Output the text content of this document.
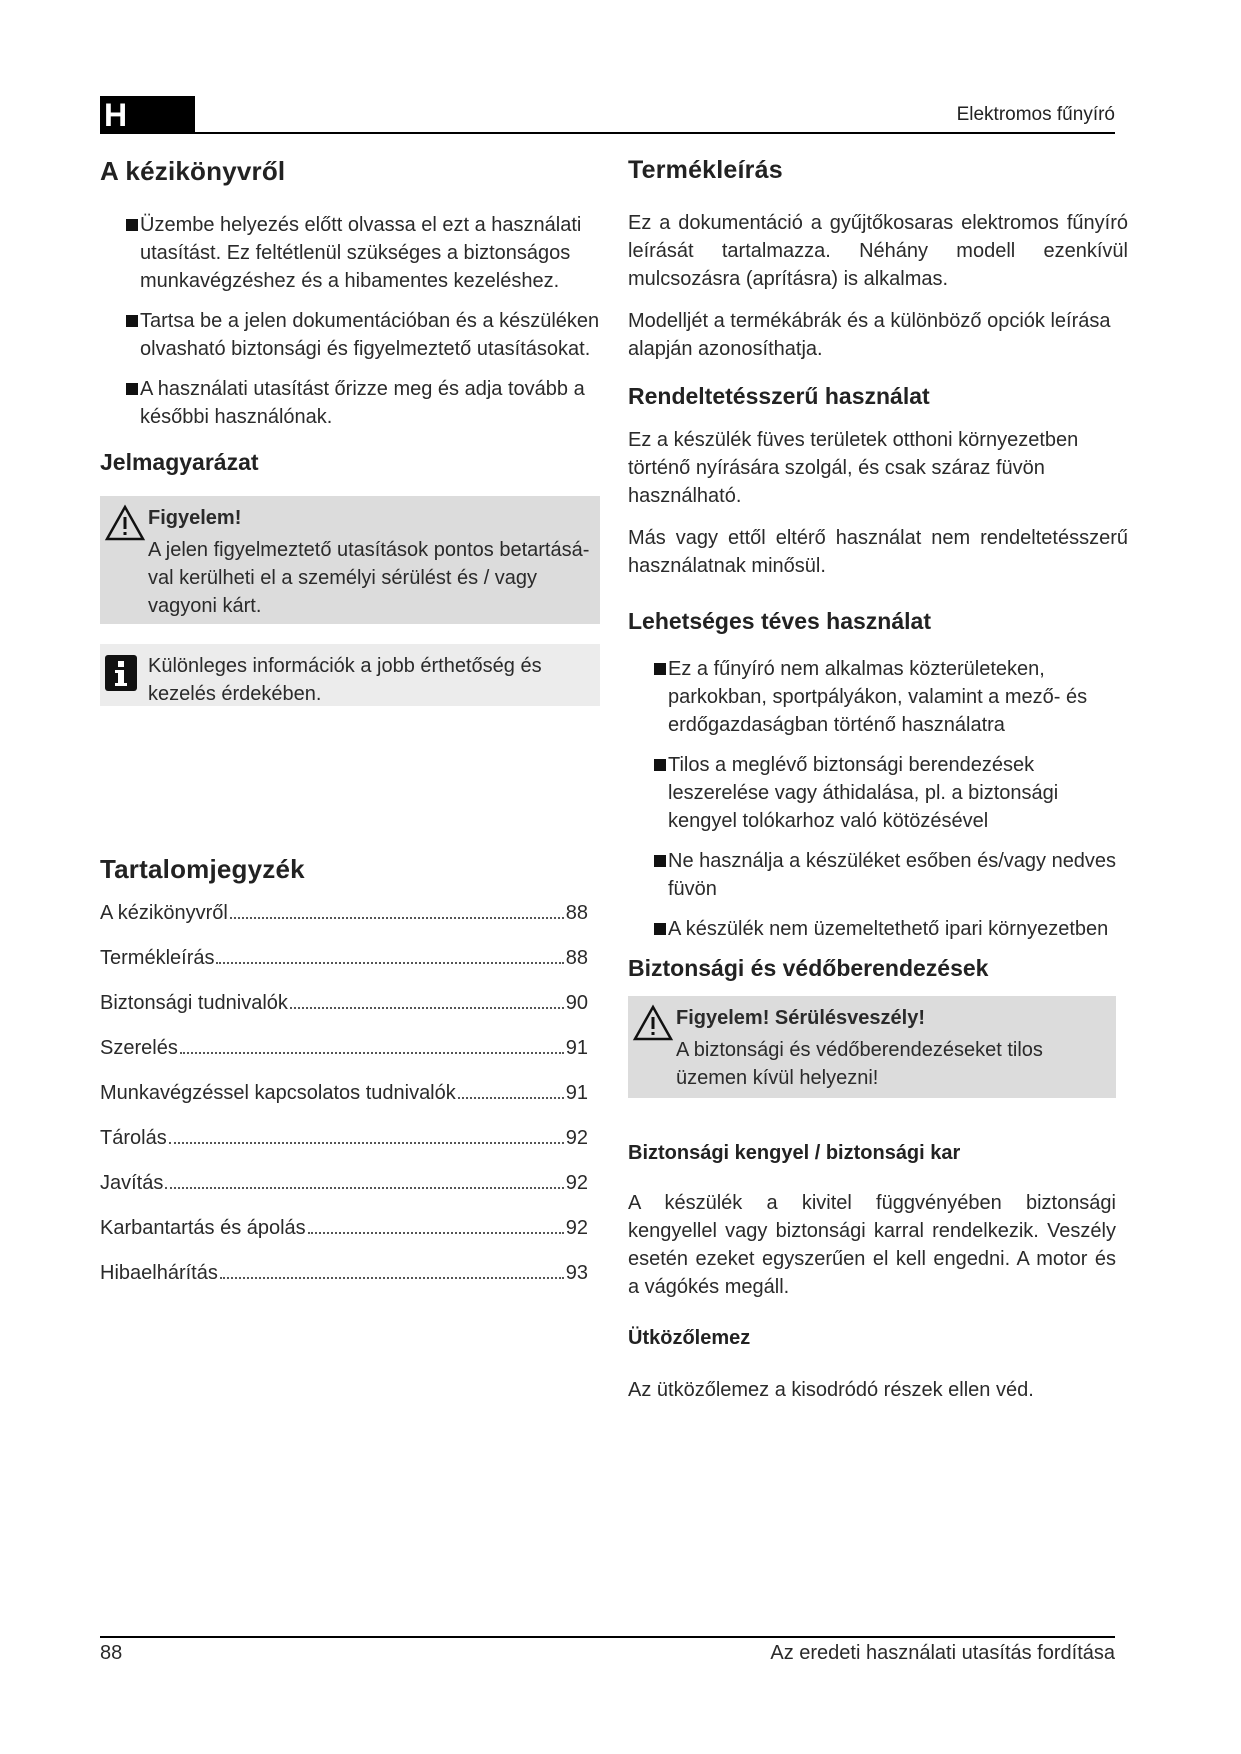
H	Elektromos fűnyíró
A kézikönyvről
Üzembe helyezés előtt olvassa el ezt a használati utasítást. Ez feltétlenül szükséges a biztonságos munkavégzéshez és a hibamentes kezeléshez.
Tartsa be a jelen dokumentációban és a készüléken olvasható biztonsági és figyelmeztető utasításokat.
A használati utasítást őrizze meg és adja tovább a későbbi használónak.
Jelmagyarázat
Figyelem!

A jelen figyelmeztető utasítások pontos betartásá-val kerülheti el a személyi sérülést és / vagy vagyoni kárt.

Különleges információk a jobb érthetőség és kezelés érdekében.

Tartalomjegyzék
A kézikönyvről	88
Termékleírás	88
Biztonsági tudnivalók	90
Szerelés	91
Munkavégzéssel kapcsolatos tudnivalók	91
Tárolás	92
Javítás	92
Karbantartás és ápolás	92
Hibaelhárítás	93
Termékleírás

Ez a dokumentáció a gyűjtőkosaras elektromos fűnyíró leírását tartalmazza. Néhány modell ezenkívül mulcsozásra (aprításra) is alkalmas.

Modelljét a termékábrák és a különböző opciók leírása alapján azonosíthatja.

Rendeltetésszerű használat

Ez a készülék füves területek otthoni környezetben történő nyírására szolgál, és csak száraz füvön használható.

Más vagy ettől eltérő használat nem rendeltetésszerű használatnak minősül.

Lehetséges téves használat
Ez a fűnyíró nem alkalmas közterületeken, parkokban, sportpályákon, valamint a mező- és erdőgazdaságban történő használatra
Tilos a meglévő biztonsági berendezések leszerelése vagy áthidalása, pl. a biztonsági kengyel tolókarhoz való kötözésével
Ne használja a készüléket esőben és/vagy nedves füvön
A készülék nem üzemeltethető ipari környezetben
Biztonsági és védőberendezések
Figyelem! Sérülésveszély!

A biztonsági és védőberendezéseket tilos üzemen kívül helyezni!

Biztonsági kengyel / biztonsági kar

A készülék a kivitel függvényében biztonsági kengyellel vagy biztonsági karral rendelkezik. Veszély esetén ezeket egyszerűen el kell engedni. A motor és a vágókés megáll.

Ütközőlemez

Az ütközőlemez a kisodródó részek ellen véd.

88	Az eredeti használati utasítás fordítása
